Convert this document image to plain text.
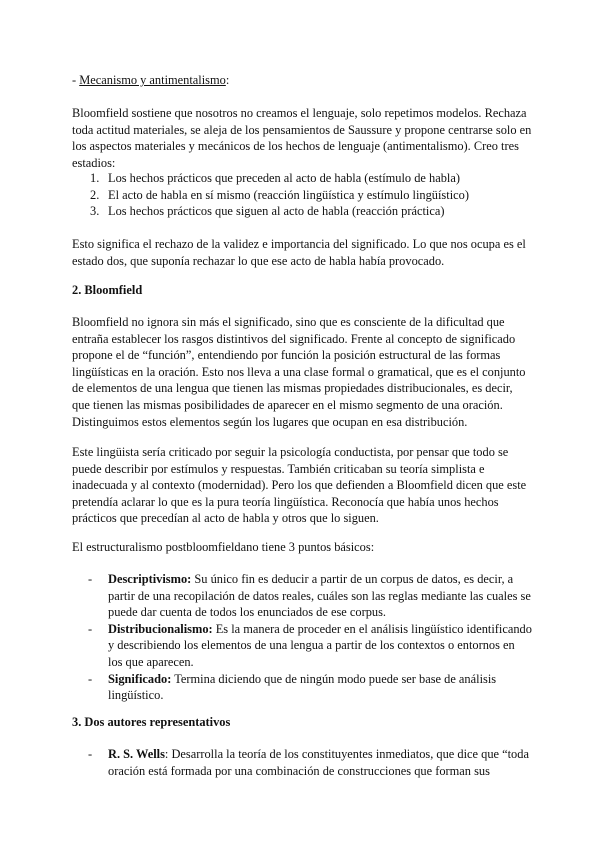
- Mecanismo y antimentalismo:

Bloomfield sostiene que nosotros no creamos el lenguaje, solo repetimos modelos. Rechaza toda actitud materiales, se aleja de los pensamientos de Saussure y propone centrarse solo en los aspectos materiales y mecánicos de los hechos de lenguaje (antimentalismo). Creo tres estadios:

1. Los hechos prácticos que preceden al acto de habla (estímulo de habla)
2. El acto de habla en sí mismo (reacción lingüística y estímulo lingüístico)
3. Los hechos prácticos que siguen al acto de habla (reacción práctica)

Esto significa el rechazo de la validez e importancia del significado. Lo que nos ocupa es el estado dos, que suponía rechazar lo que ese acto de habla había provocado.

2. Bloomfield

Bloomfield no ignora sin más el significado, sino que es consciente de la dificultad que entraña establecer los rasgos distintivos del significado. Frente al concepto de significado propone el de “función”, entendiendo por función la posición estructural de las formas lingüísticas en la oración. Esto nos lleva a una clase formal o gramatical, que es el conjunto de elementos de una lengua que tienen las mismas propiedades distribucionales, es decir, que tienen las mismas posibilidades de aparecer en el mismo segmento de una oración. Distinguimos estos elementos según los lugares que ocupan en esa distribución.

Este lingüista sería criticado por seguir la psicología conductista, por pensar que todo se puede describir por estímulos y respuestas. También criticaban su teoría simplista e inadecuada y al contexto (modernidad). Pero los que defienden a Bloomfield dicen que este pretendía aclarar lo que es la pura teoría lingüística. Reconocía que había unos hechos prácticos que precedían al acto de habla y otros que lo siguen.

El estructuralismo postbloomfieldano tiene 3 puntos básicos:

- Descriptivismo: Su único fin es deducir a partir de un corpus de datos, es decir, a partir de una recopilación de datos reales, cuáles son las reglas mediante las cuales se puede dar cuenta de todos los enunciados de ese corpus.
- Distribucionalismo: Es la manera de proceder en el análisis lingüístico identificando y describiendo los elementos de una lengua a partir de los contextos o entornos en los que aparecen.
- Significado: Termina diciendo que de ningún modo puede ser base de análisis lingüístico.

3. Dos autores representativos

- R. S. Wells: Desarrolla la teoría de los constituyentes inmediatos, que dice que “toda oración está formada por una combinación de construcciones que forman sus
